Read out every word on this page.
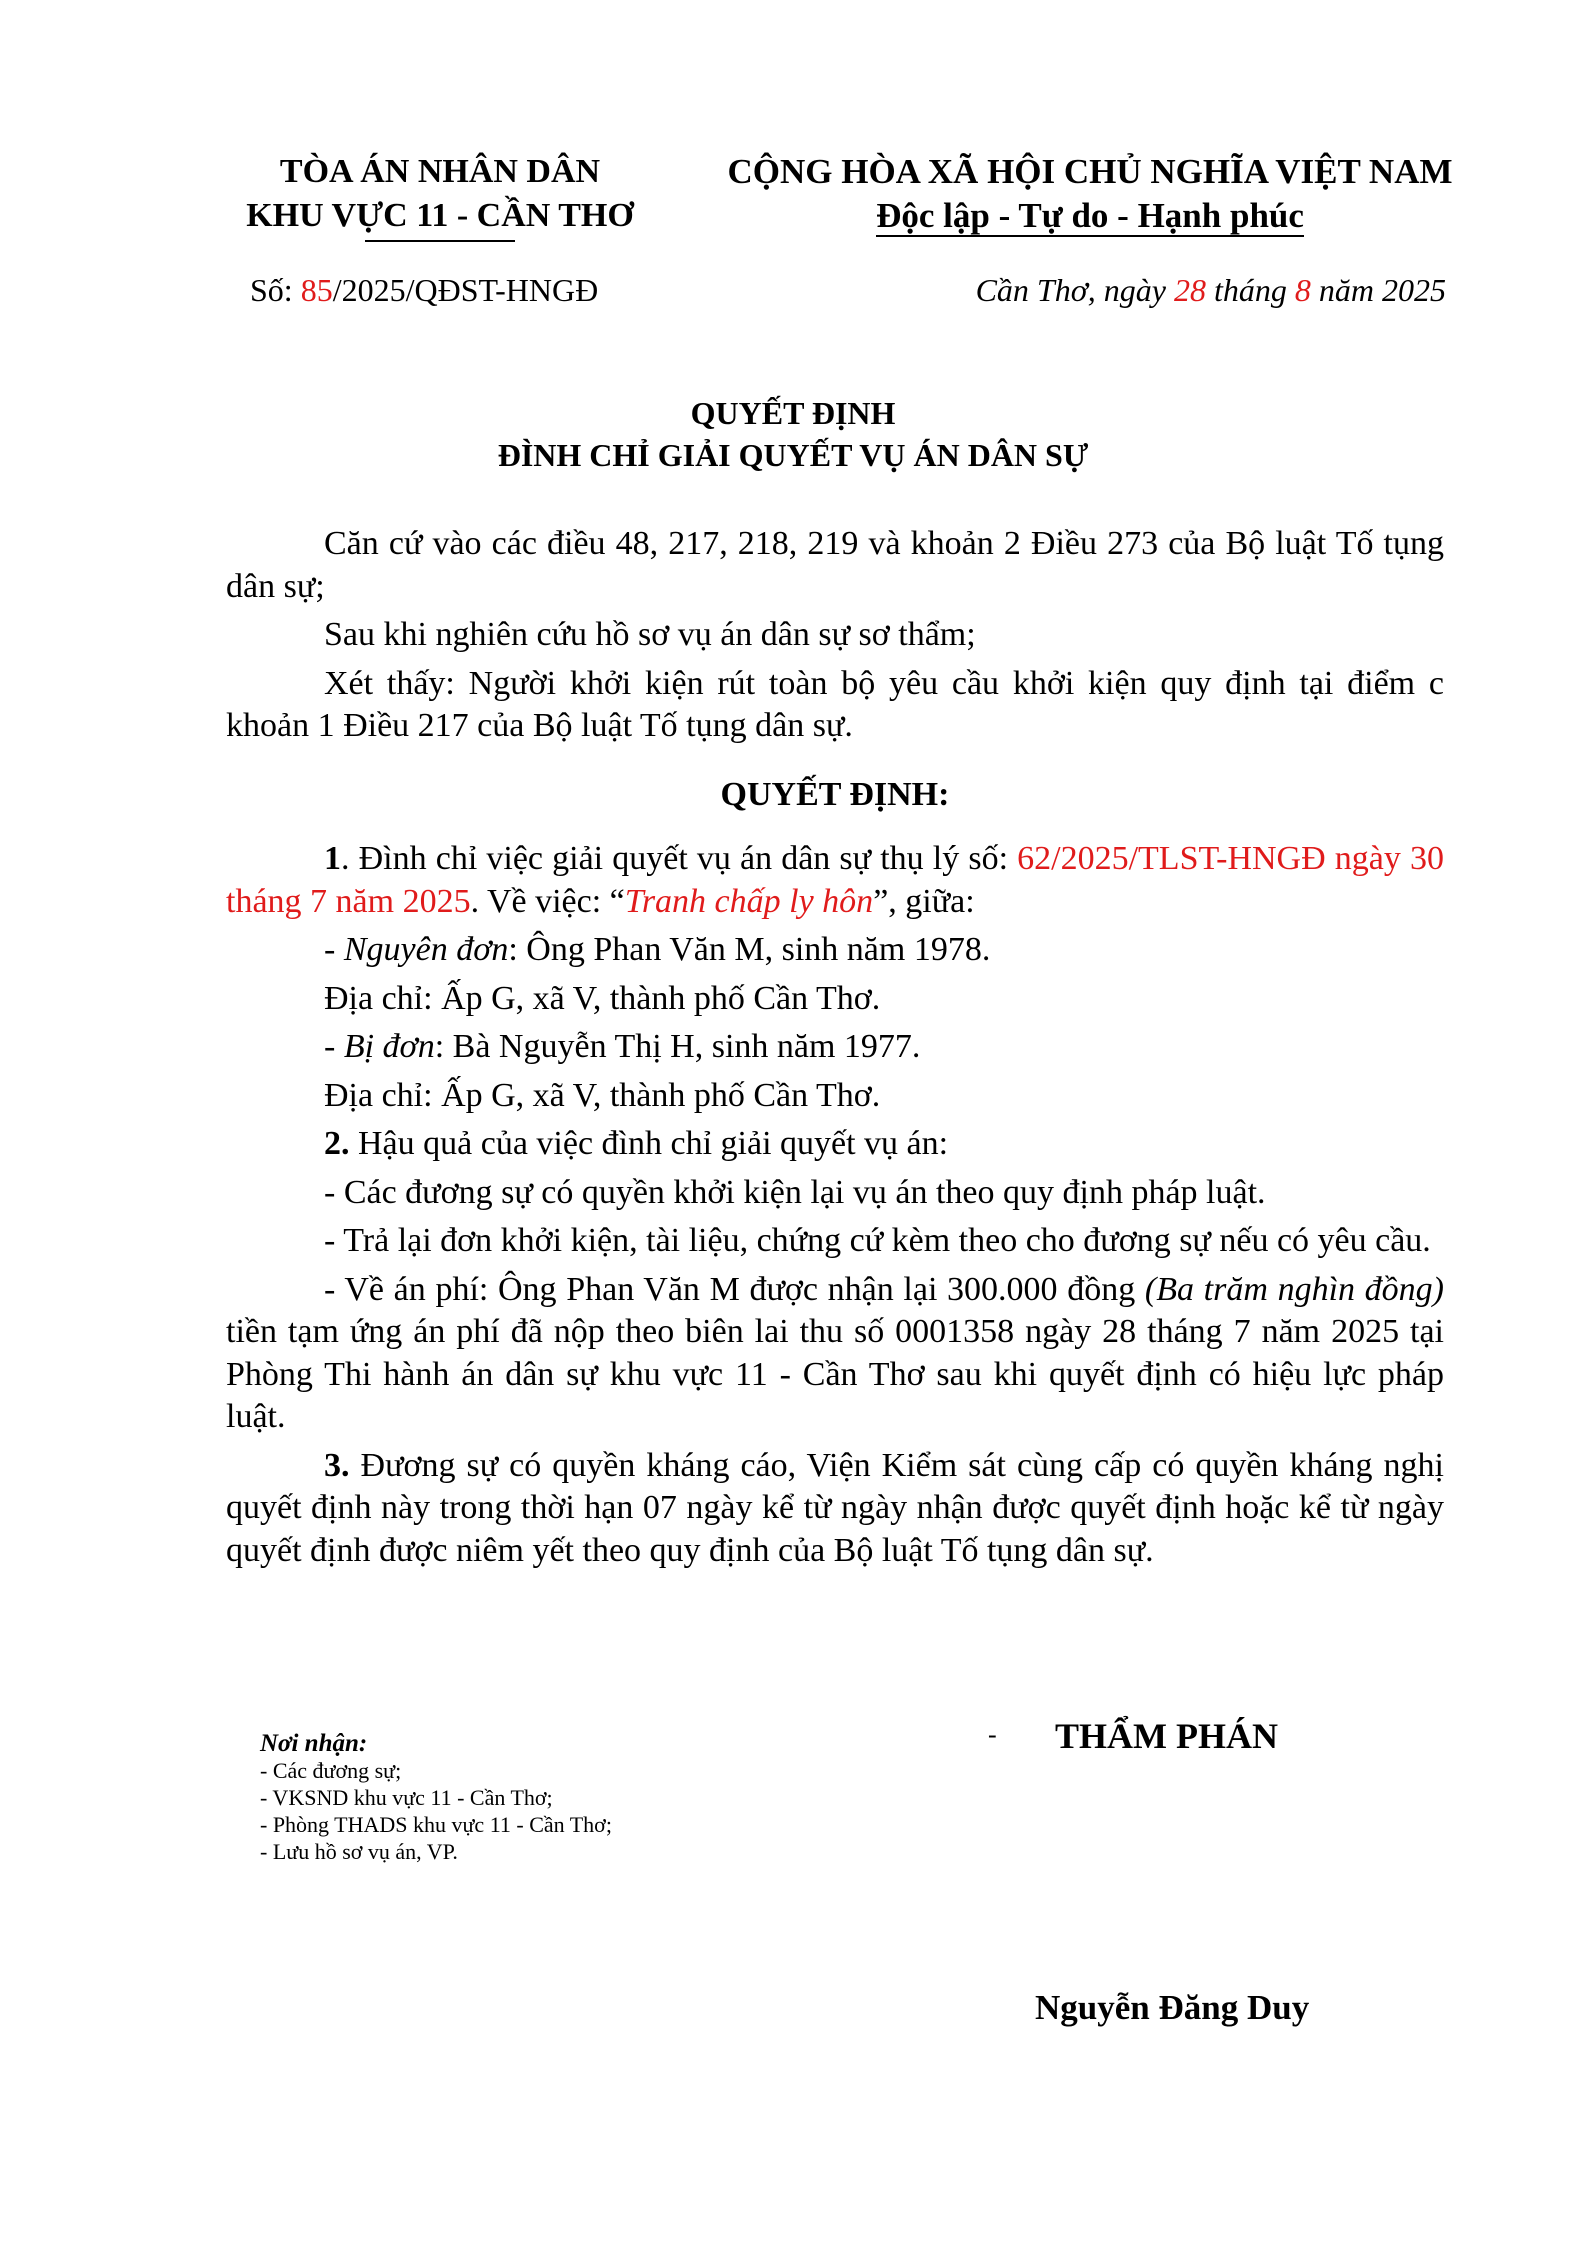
TÒA ÁN NHÂN DÂN
KHU VỰC 11 - CẦN THƠ
CỘNG HÒA XÃ HỘI CHỦ NGHĨA VIỆT NAM
Độc lập - Tự do - Hạnh phúc
Số: 85/2025/QĐST-HNGĐ	Cần Thơ, ngày 28 tháng 8 năm 2025
QUYẾT ĐỊNH
ĐÌNH CHỈ GIẢI QUYẾT VỤ ÁN DÂN SỰ

Căn cứ vào các điều 48, 217, 218, 219 và khoản 2 Điều 273 của Bộ luật Tố tụng dân sự;

Sau khi nghiên cứu hồ sơ vụ án dân sự sơ thẩm;

Xét thấy: Người khởi kiện rút toàn bộ yêu cầu khởi kiện quy định tại điểm c khoản 1 Điều 217 của Bộ luật Tố tụng dân sự.

QUYẾT ĐỊNH:

1. Đình chỉ việc giải quyết vụ án dân sự thụ lý số: 62/2025/TLST-HNGĐ ngày 30 tháng 7 năm 2025. Về việc: “Tranh chấp ly hôn”, giữa:

- Nguyên đơn: Ông Phan Văn M, sinh năm 1978.

Địa chỉ: Ấp G, xã V, thành phố Cần Thơ.

- Bị đơn: Bà Nguyễn Thị H, sinh năm 1977.

Địa chỉ: Ấp G, xã V, thành phố Cần Thơ.

2. Hậu quả của việc đình chỉ giải quyết vụ án:

- Các đương sự có quyền khởi kiện lại vụ án theo quy định pháp luật.

- Trả lại đơn khởi kiện, tài liệu, chứng cứ kèm theo cho đương sự nếu có yêu cầu.

- Về án phí: Ông Phan Văn M được nhận lại 300.000 đồng (Ba trăm nghìn đồng) tiền tạm ứng án phí đã nộp theo biên lai thu số 0001358 ngày 28 tháng 7 năm 2025 tại Phòng Thi hành án dân sự khu vực 11 - Cần Thơ sau khi quyết định có hiệu lực pháp luật.

3. Đương sự có quyền kháng cáo, Viện Kiểm sát cùng cấp có quyền kháng nghị quyết định này trong thời hạn 07 ngày kể từ ngày nhận được quyết định hoặc kể từ ngày quyết định được niêm yết theo quy định của Bộ luật Tố tụng dân sự.

Nơi nhận:
- Các đương sự;
- VKSND khu vực 11 - Cần Thơ;
- Phòng THADS khu vực 11 - Cần Thơ;
- Lưu hồ sơ vụ án, VP.
- THẨM PHÁN
Nguyễn Đăng Duy
